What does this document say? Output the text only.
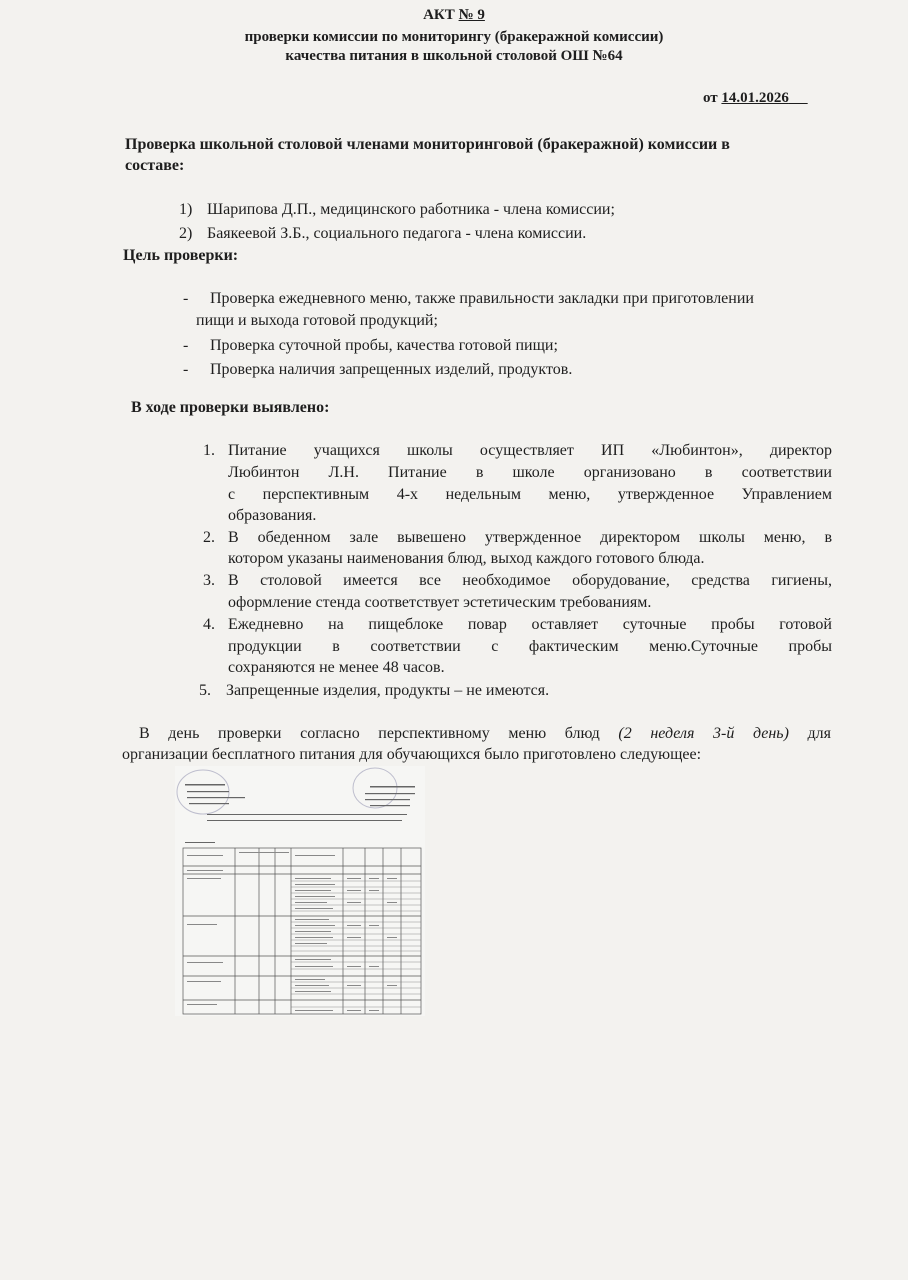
АКТ № 9
проверки комиссии по мониторингу (бракеражной комиссии)
качества питания в школьной столовой ОШ №64
от 14.01.2026
Проверка школьной столовой членами мониторинговой (бракеражной) комиссии в
составе:
1) Шарипова Д.П., медицинского работника - члена комиссии;
2) Баякеевой З.Б., социального педагога - члена комиссии.
Цель проверки:
- Проверка ежедневного меню, также правильности закладки при приготовлении
пищи и выхода готовой продукций;
- Проверка суточной пробы, качества готовой пищи;
- Проверка наличия запрещенных изделий, продуктов.
В ходе проверки выявлено:
1. Питание учащихся школы осуществляет ИП «Любинтон», директор
Любинтон Л.Н. Питание в школе организовано в соответствии
с перспективным 4-х недельным меню, утвержденное Управлением
образования.
2. В обеденном зале вывешено утвержденное директором школы меню, в
котором указаны наименования блюд, выход каждого готового блюда.
3. В столовой имеется все необходимое оборудование, средства гигиены,
оформление стенда соответствует эстетическим требованиям.
4. Ежедневно на пищеблоке повар оставляет суточные пробы готовой
продукции в соответствии с фактическим меню.Суточные пробы
сохраняются не менее 48 часов.
5. Запрещенные изделия, продукты – не имеются.
В день проверки согласно перспективному меню блюд (2 неделя 3-й день) для
организации бесплатного питания для обучающихся было приготовлено следующее:
